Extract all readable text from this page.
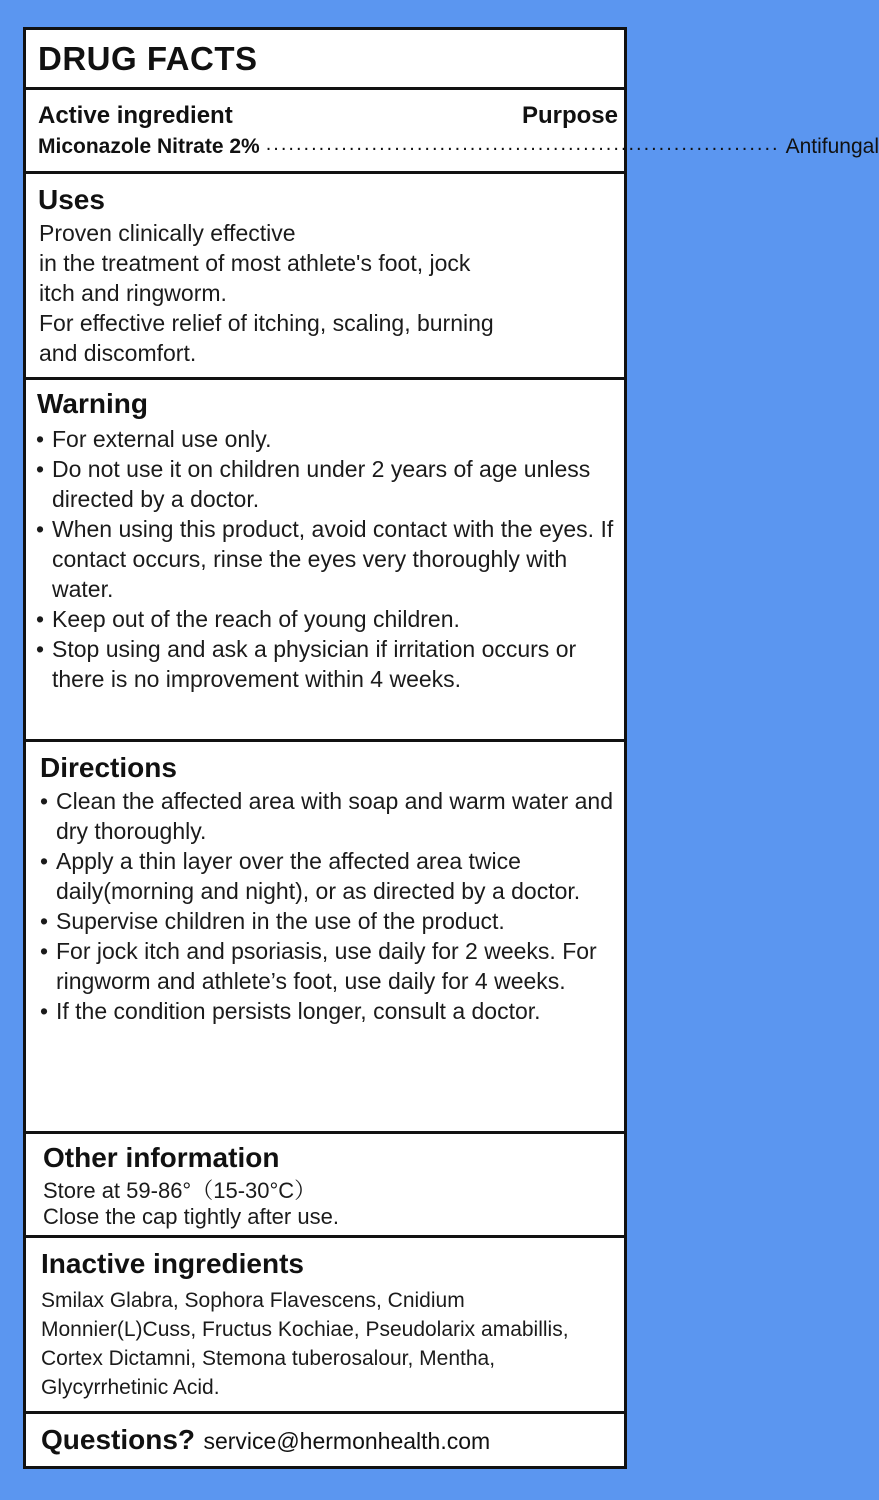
DRUG FACTS
Active ingredient	Purpose
Miconazole Nitrate 2% .................................................................... Antifungal
Uses
Proven clinically effective
in the treatment of most athlete's foot, jock
itch and ringworm.
For effective relief of itching, scaling, burning
and discomfort.
Warning
• For external use only.
• Do not use it on children under 2 years of age unless directed by a doctor.
• When using this product, avoid contact with the eyes. If contact occurs, rinse the eyes very thoroughly with water.
• Keep out of the reach of young children.
• Stop using and ask a physician if irritation occurs or there is no improvement within 4 weeks.
Directions
• Clean the affected area with soap and warm water and dry thoroughly.
• Apply a thin layer over the affected area twice daily(morning and night), or as directed by a doctor.
• Supervise children in the use of the product.
• For jock itch and psoriasis, use daily for 2 weeks. For ringworm and athlete’s foot, use daily for 4 weeks.
• If the condition persists longer, consult a doctor.
Other information
Store at 59-86°（15-30°C）
Close the cap tightly after use.
Inactive ingredients
Smilax Glabra, Sophora Flavescens, Cnidium Monnier(L)Cuss, Fructus Kochiae, Pseudolarix amabillis, Cortex Dictamni, Stemona tuberosalour, Mentha, Glycyrrhetinic Acid.
Questions? service@hermonhealth.com
